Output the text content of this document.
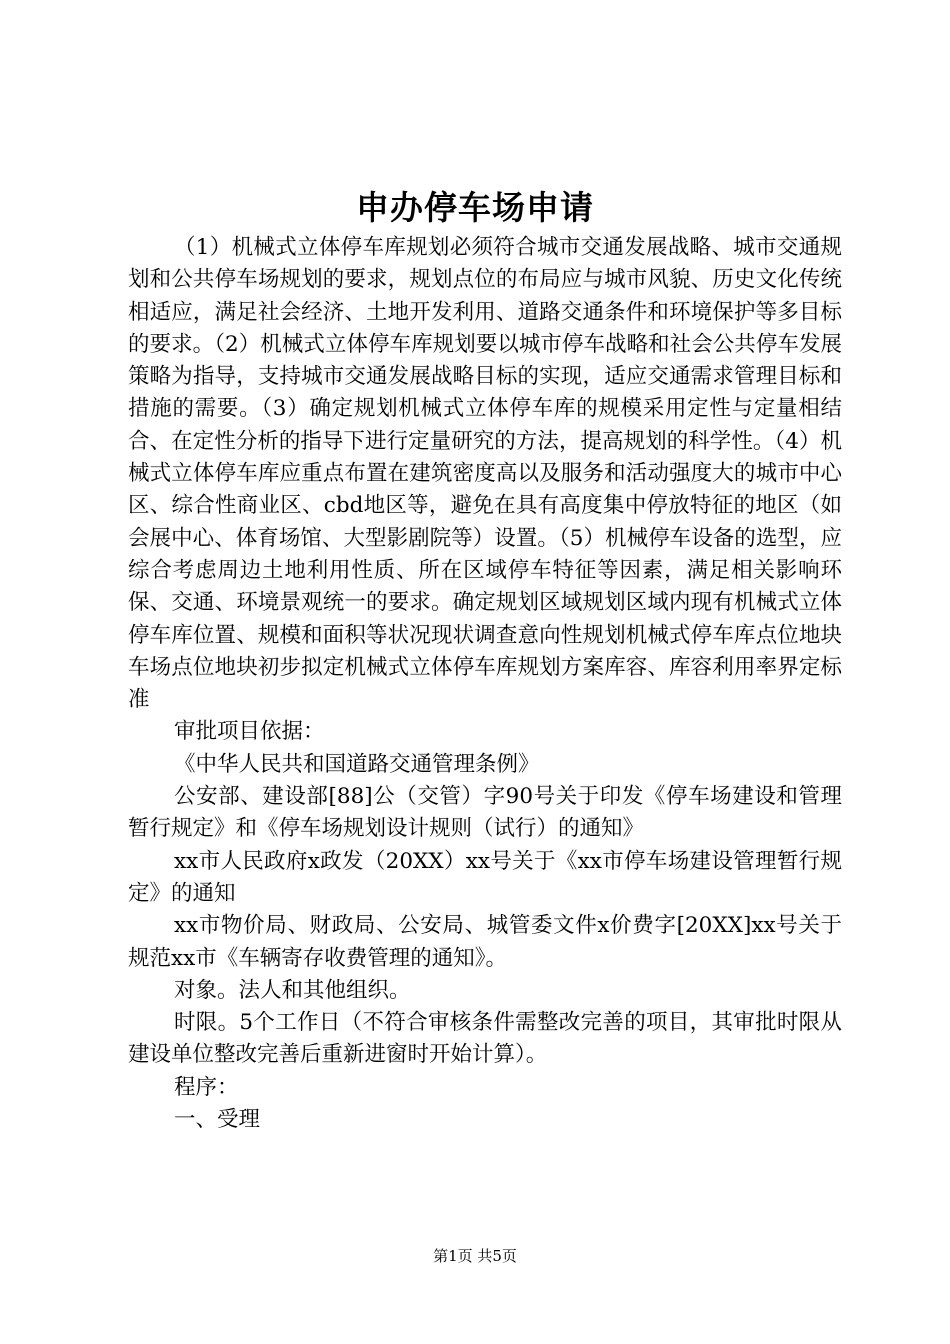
申办停车场申请

（1）机械式立体停车库规划必须符合城市交通发展战略、城市交通规划和公共停车场规划的要求，规划点位的布局应与城市风貌、历史文化传统相适应，满足社会经济、土地开发利用、道路交通条件和环境保护等多目标的要求。（2）机械式立体停车库规划要以城市停车战略和社会公共停车发展策略为指导，支持城市交通发展战略目标的实现，适应交通需求管理目标和措施的需要。（3）确定规划机械式立体停车库的规模采用定性与定量相结合、在定性分析的指导下进行定量研究的方法，提高规划的科学性。（4）机械式立体停车库应重点布置在建筑密度高以及服务和活动强度大的城市中心区、综合性商业区、cbd地区等，避免在具有高度集中停放特征的地区（如会展中心、体育场馆、大型影剧院等）设置。（5）机械停车设备的选型，应综合考虑周边土地利用性质、所在区域停车特征等因素，满足相关影响环保、交通、环境景观统一的要求。确定规划区域规划区域内现有机械式立体停车库位置、规模和面积等状况现状调查意向性规划机械式停车库点位地块车场点位地块初步拟定机械式立体停车库规划方案库容、库容利用率界定标准

审批项目依据：

《中华人民共和国道路交通管理条例》

公安部、建设部[88]公（交管）字90号关于印发《停车场建设和管理暂行规定》和《停车场规划设计规则（试行）的通知》

xx市人民政府x政发（20XX）xx号关于《xx市停车场建设管理暂行规定》的通知

xx市物价局、财政局、公安局、城管委文件x价费字[20XX]xx号关于规范xx市《车辆寄存收费管理的通知》。

对象。法人和其他组织。

时限。5个工作日（不符合审核条件需整改完善的项目，其审批时限从建设单位整改完善后重新进窗时开始计算）。

程序：

一、受理

第1页 共5页
